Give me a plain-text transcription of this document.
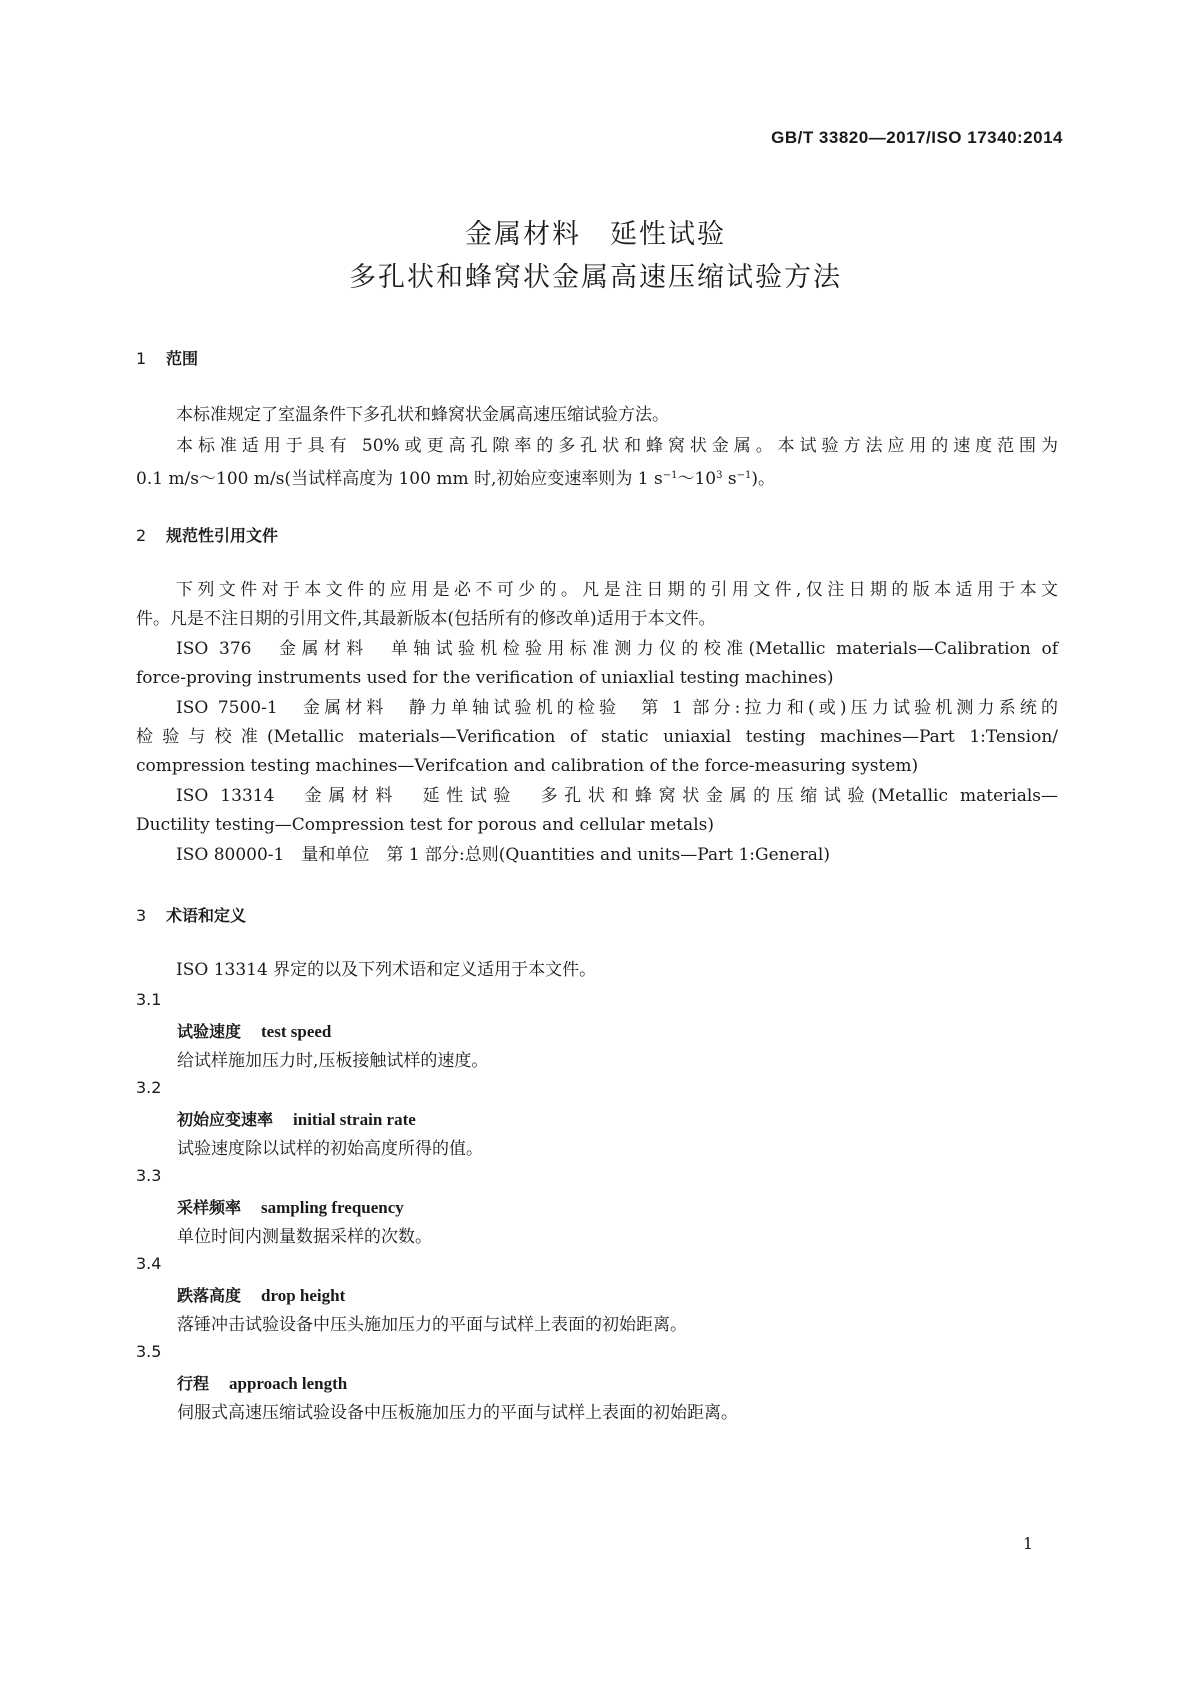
GB/T 33820—2017/ISO 17340:2014
金属材料　延性试验
多孔状和蜂窝状金属高速压缩试验方法
1 范围
本标准规定了室温条件下多孔状和蜂窝状金属高速压缩试验方法。
本标准适用于具有 50%或更高孔隙率的多孔状和蜂窝状金属。本试验方法应用的速度范围为
0.1 m/s～100 m/s(当试样高度为 100 mm 时,初始应变速率则为 1 $s^{-1}\sim 10^3$ $s^{-1}$)。
2 规范性引用文件
下列文件对于本文件的应用是必不可少的。凡是注日期的引用文件,仅注日期的版本适用于本文
件。凡是不注日期的引用文件,其最新版本(包括所有的修改单)适用于本文件。
ISO 376　金属材料　单轴试验机检验用标准测力仪的校准(Metallic materials—Calibration of
force-proving instruments used for the verification of uniaxlial testing machines)
ISO 7500-1　金属材料　静力单轴试验机的检验　第 1 部分:拉力和(或)压力试验机测力系统的
检验与校准(Metallic materials—Verification of static uniaxial testing machines—Part 1:Tension/
compression testing machines—Verifcation and calibration of the force-measuring system)
ISO 13314　金属材料　延性试验　多孔状和蜂窝状金属的压缩试验(Metallic materials—
Ductility testing—Compression test for porous and cellular metals)
ISO 80000-1　量和单位　第 1 部分:总则(Quantities and units—Part 1:General)
3 术语和定义
ISO 13314 界定的以及下列术语和定义适用于本文件。
3.1
试验速度 test speed
给试样施加压力时,压板接触试样的速度。
3.2
初始应变速率 initial strain rate
试验速度除以试样的初始高度所得的值。
3.3
采样频率 sampling frequency
单位时间内测量数据采样的次数。
3.4
跌落高度 drop height
落锤冲击试验设备中压头施加压力的平面与试样上表面的初始距离。
3.5
行程 approach length
伺服式高速压缩试验设备中压板施加压力的平面与试样上表面的初始距离。
1
